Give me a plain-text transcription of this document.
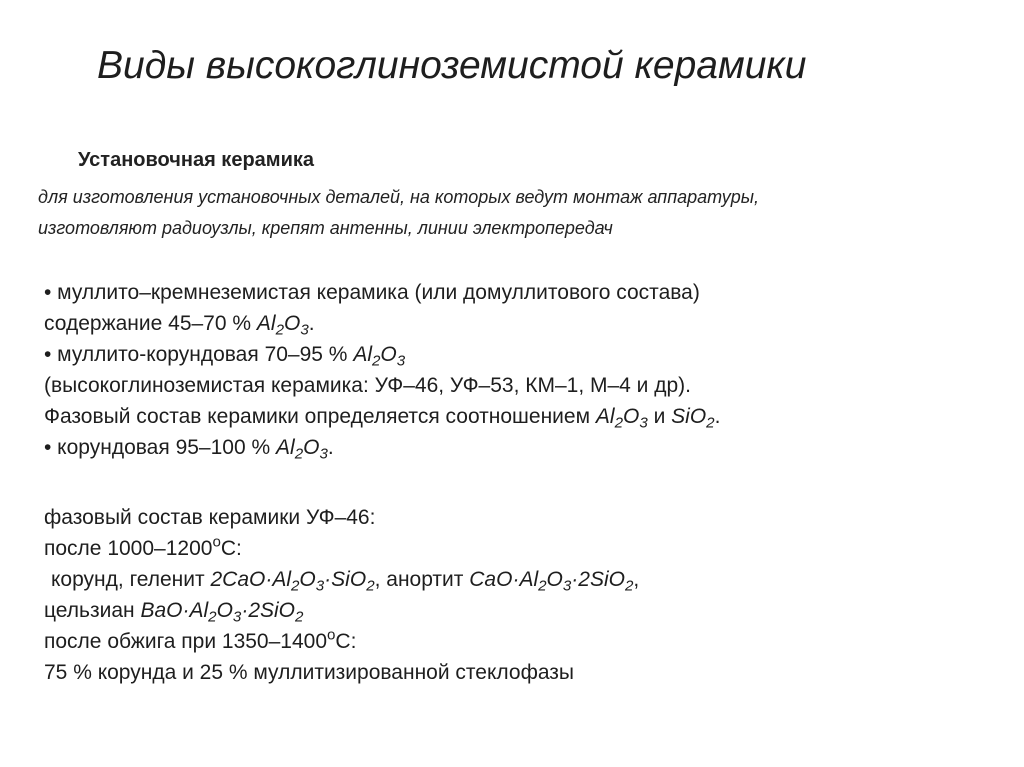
Виды высокоглиноземистой керамики
Установочная керамика
для изготовления установочных деталей, на которых ведут монтаж аппаратуры,
изготовляют радиоузлы, крепят антенны, линии электропередач
• муллито–кремнеземистая керамика (или домуллитового состава)
содержание 45–70 % $Al_2O_3$.
• муллито-корундовая 70–95 % $Al_2O_3$
(высокоглиноземистая керамика: УФ–46, УФ–53, КМ–1, М–4 и др).
Фазовый состав керамики определяется соотношением $Al_2O_3$ и SiO$_2$.
• корундовая 95–100 % $Al_2O_3$.
фазовый состав керамики УФ–46:
после 1000–1200$^o$С:
корунд, геленит $2CaO\cdot Al_2O_3\cdot SiO_2$, анортит $CaO\cdot Al_2O_3\cdot 2SiO_2$,
цельзиан $BaO\cdot Al_2O_3\cdot 2SiO_2$
после обжига при 1350–1400$^o$С:
75 % корунда и 25 % муллитизированной стеклофазы
